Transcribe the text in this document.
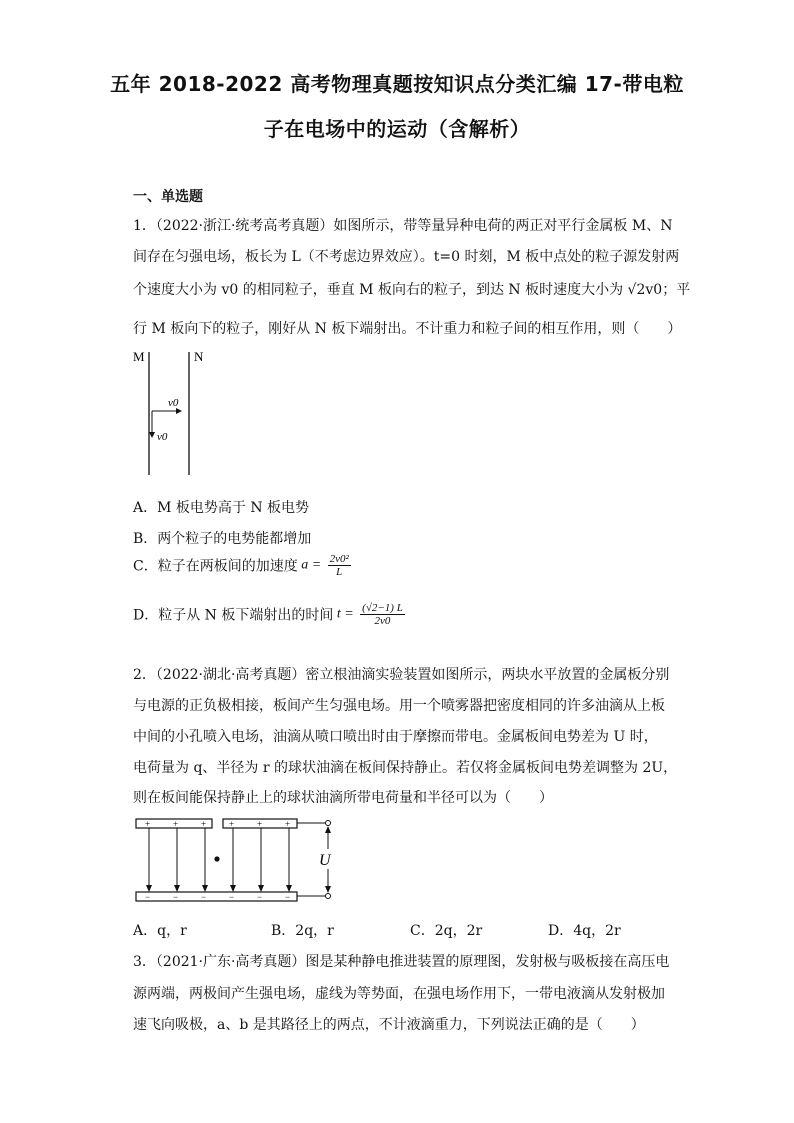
五年 2018-2022 高考物理真题按知识点分类汇编 17-带电粒
子在电场中的运动（含解析）
一、单选题
1．（2022·浙江·统考高考真题）如图所示，带等量异种电荷的两正对平行金属板 M、N
间存在匀强电场，板长为 L（不考虑边界效应）。t=0 时刻，M 板中点处的粒子源发射两
个速度大小为 v0 的相同粒子，垂直 M 板向右的粒子，到达 N 板时速度大小为 √2v0；平
行 M 板向下的粒子，刚好从 N 板下端射出。不计重力和粒子间的相互作用，则（　　）
M	N
v0
v0
A．M 板电势高于 N 板电势
B．两个粒子的电势能都增加
C．粒子在两板间的加速度 $a = \frac{\text{2v0²}}{L}$
D．粒子从 N 板下端射出的时间 $t = \frac{(√2-1) L}{2v0}$
2．（2022·湖北·高考真题）密立根油滴实验装置如图所示，两块水平放置的金属板分别
与电源的正负极相接，板间产生匀强电场。用一个喷雾器把密度相同的许多油滴从上板
中间的小孔喷入电场，油滴从喷口喷出时由于摩擦而带电。金属板间电势差为 U 时，
电荷量为 q、半径为 r 的球状油滴在板间保持静止。若仅将金属板间电势差调整为 2U，
则在板间能保持静止上的球状油滴所带电荷量和半径可以为（　　）
+	+	+	+	+	+
−	−	−	−	−	−
U
A．q，r	B．2q，r	C．2q，2r	D．4q，2r
3．（2021·广东·高考真题）图是某种静电推进装置的原理图，发射极与吸板接在高压电
源两端，两极间产生强电场，虚线为等势面，在强电场作用下，一带电液滴从发射极加
速飞向吸极，a、b 是其路径上的两点，不计液滴重力，下列说法正确的是（　　）
